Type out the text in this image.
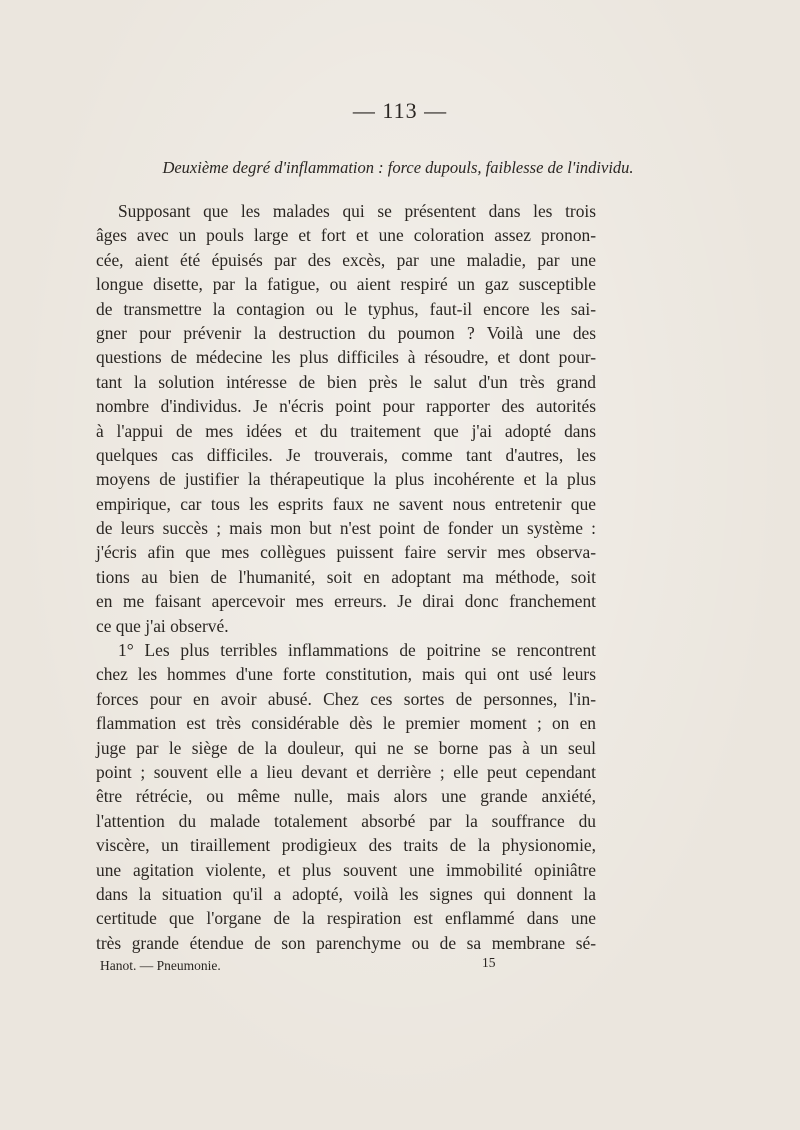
— 113 —
Deuxième degré d'inflammation : force dupouls, faiblesse de l'individu.
Supposant que les malades qui se présentent dans les trois
âges avec un pouls large et fort et une coloration assez pronon-
cée, aient été épuisés par des excès, par une maladie, par une
longue disette, par la fatigue, ou aient respiré un gaz susceptible
de transmettre la contagion ou le typhus, faut-il encore les sai-
gner pour prévenir la destruction du poumon ? Voilà une des
questions de médecine les plus difficiles à résoudre, et dont pour-
tant la solution intéresse de bien près le salut d'un très grand
nombre d'individus. Je n'écris point pour rapporter des autorités
à l'appui de mes idées et du traitement que j'ai adopté dans
quelques cas difficiles. Je trouverais, comme tant d'autres, les
moyens de justifier la thérapeutique la plus incohérente et la plus
empirique, car tous les esprits faux ne savent nous entretenir que
de leurs succès ; mais mon but n'est point de fonder un système :
j'écris afin que mes collègues puissent faire servir mes observa-
tions au bien de l'humanité, soit en adoptant ma méthode, soit
en me faisant apercevoir mes erreurs. Je dirai donc franchement
ce que j'ai observé.
1° Les plus terribles inflammations de poitrine se rencontrent
chez les hommes d'une forte constitution, mais qui ont usé leurs
forces pour en avoir abusé. Chez ces sortes de personnes, l'in-
flammation est très considérable dès le premier moment ; on en
juge par le siège de la douleur, qui ne se borne pas à un seul
point ; souvent elle a lieu devant et derrière ; elle peut cependant
être rétrécie, ou même nulle, mais alors une grande anxiété,
l'attention du malade totalement absorbé par la souffrance du
viscère, un tiraillement prodigieux des traits de la physionomie,
une agitation violente, et plus souvent une immobilité opiniâtre
dans la situation qu'il a adopté, voilà les signes qui donnent la
certitude que l'organe de la respiration est enflammé dans une
très grande étendue de son parenchyme ou de sa membrane sé-
Hanot. — Pneumonie.	15
